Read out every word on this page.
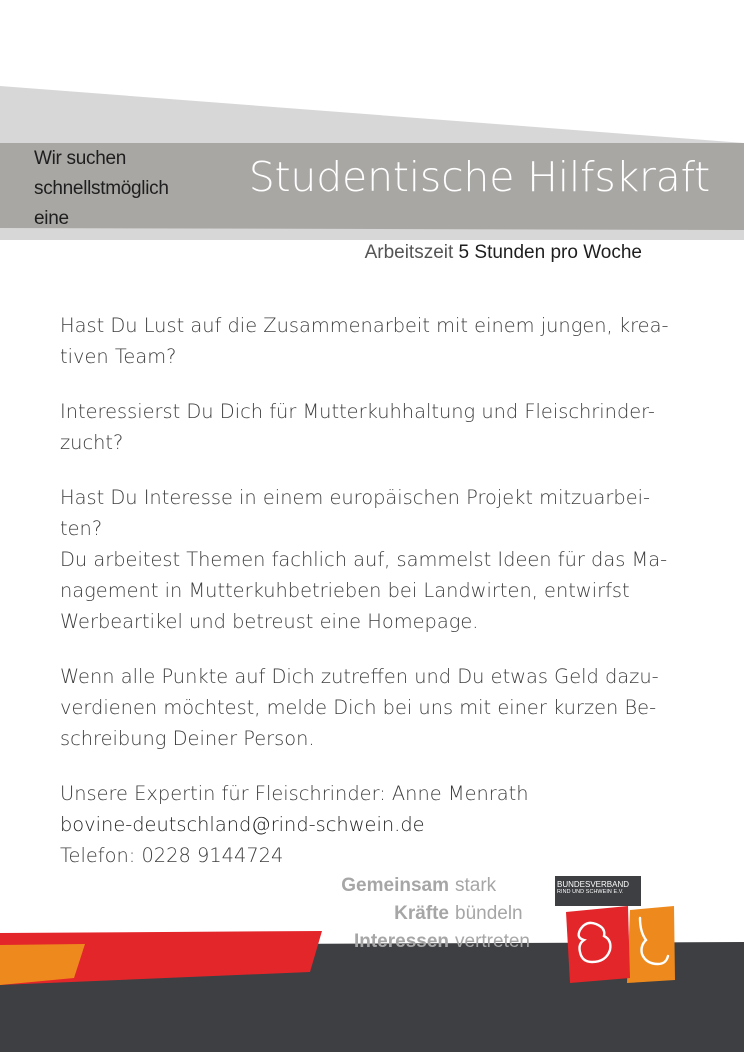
Wir suchen
schnellstmöglich
eine
Studentische Hilfskraft
Arbeitszeit 5 Stunden pro Woche

Hast Du Lust auf die Zusammenarbeit mit einem jungen, krea-
tiven Team?

Interessierst Du Dich für Mutterkuhhaltung und Fleischrinder-
zucht?

Hast Du Interesse in einem europäischen Projekt mitzuarbei-
ten?
Du arbeitest Themen fachlich auf, sammelst Ideen für das Ma-
nagement in Mutterkuhbetrieben bei Landwirten, entwirfst
Werbeartikel und betreust eine Homepage.

Wenn alle Punkte auf Dich zutreffen und Du etwas Geld dazu-
verdienen möchtest, melde Dich bei uns mit einer kurzen Be-
schreibung Deiner Person.

Unsere Expertin für Fleischrinder: Anne Menrath
bovine-deutschland@rind-schwein.de
Telefon: 0228 9144724

Gemeinsam stark
Kräfte bündeln
Interessen vertreten
BUNDESVERBAND
RIND UND SCHWEIN E.V.
